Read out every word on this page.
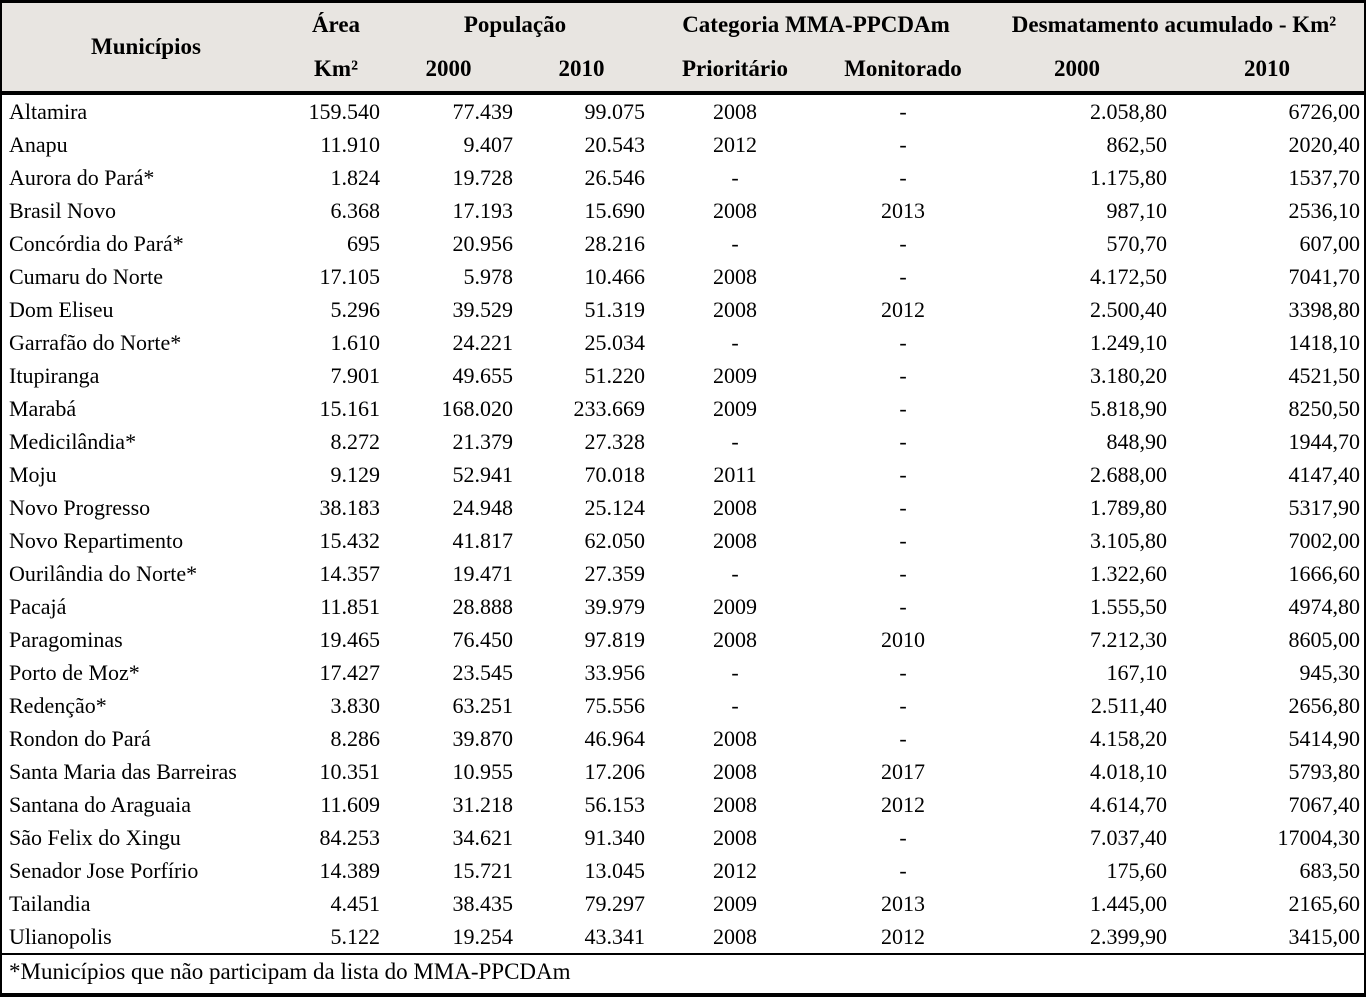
Municípios
Área	População	Categoria MMA-PPCDAm	Desmatamento acumulado - Km²
Km²	2000	2010	Prioritário	Monitorado	2000	2010
Altamira	159.540	77.439	99.075	2008	-	2.058,80	6726,00
Anapu	11.910	9.407	20.543	2012	-	862,50	2020,40
Aurora do Pará*	1.824	19.728	26.546	-	-	1.175,80	1537,70
Brasil Novo	6.368	17.193	15.690	2008	2013	987,10	2536,10
Concórdia do Pará*	695	20.956	28.216	-	-	570,70	607,00
Cumaru do Norte	17.105	5.978	10.466	2008	-	4.172,50	7041,70
Dom Eliseu	5.296	39.529	51.319	2008	2012	2.500,40	3398,80
Garrafão do Norte*	1.610	24.221	25.034	-	-	1.249,10	1418,10
Itupiranga	7.901	49.655	51.220	2009	-	3.180,20	4521,50
Marabá	15.161	168.020	233.669	2009	-	5.818,90	8250,50
Medicilândia*	8.272	21.379	27.328	-	-	848,90	1944,70
Moju	9.129	52.941	70.018	2011	-	2.688,00	4147,40
Novo Progresso	38.183	24.948	25.124	2008	-	1.789,80	5317,90
Novo Repartimento	15.432	41.817	62.050	2008	-	3.105,80	7002,00
Ourilândia do Norte*	14.357	19.471	27.359	-	-	1.322,60	1666,60
Pacajá	11.851	28.888	39.979	2009	-	1.555,50	4974,80
Paragominas	19.465	76.450	97.819	2008	2010	7.212,30	8605,00
Porto de Moz*	17.427	23.545	33.956	-	-	167,10	945,30
Redenção*	3.830	63.251	75.556	-	-	2.511,40	2656,80
Rondon do Pará	8.286	39.870	46.964	2008	-	4.158,20	5414,90
Santa Maria das Barreiras	10.351	10.955	17.206	2008	2017	4.018,10	5793,80
Santana do Araguaia	11.609	31.218	56.153	2008	2012	4.614,70	7067,40
São Felix do Xingu	84.253	34.621	91.340	2008	-	7.037,40	17004,30
Senador Jose Porfírio	14.389	15.721	13.045	2012	-	175,60	683,50
Tailandia	4.451	38.435	79.297	2009	2013	1.445,00	2165,60
Ulianopolis	5.122	19.254	43.341	2008	2012	2.399,90	3415,00
*Municípios que não participam da lista do MMA-PPCDAm
